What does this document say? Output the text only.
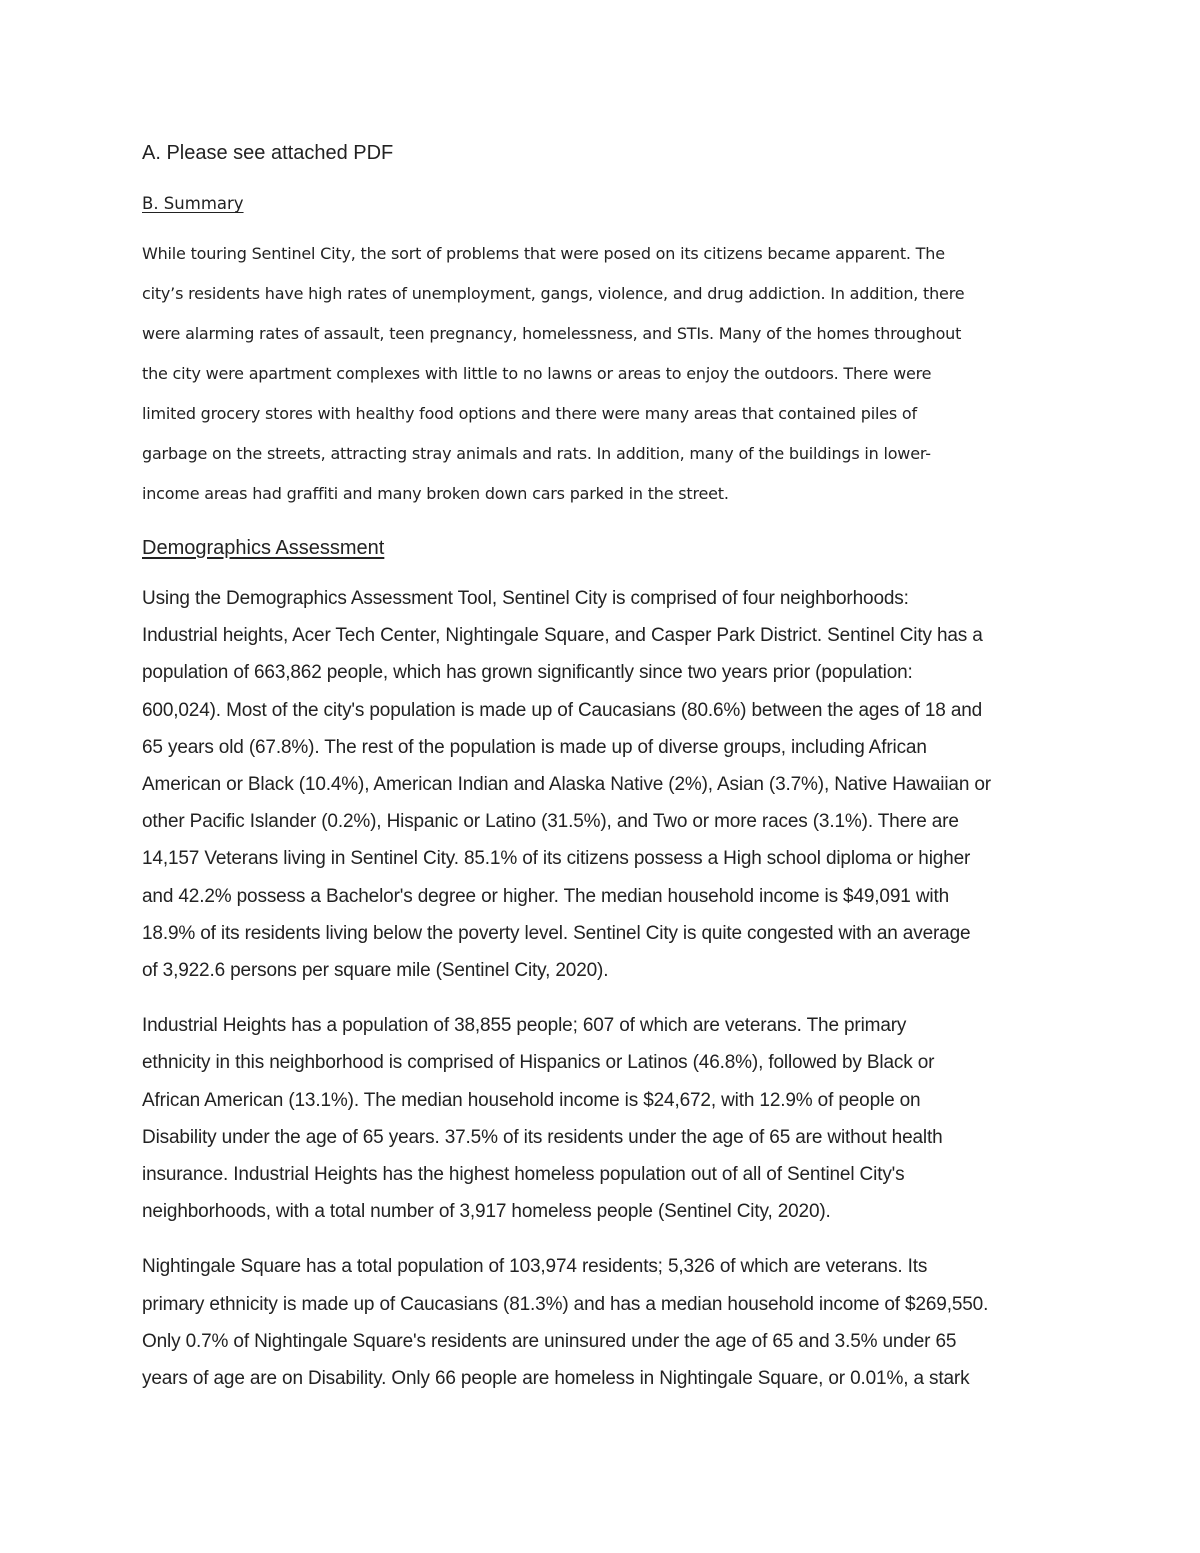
A. Please see attached PDF

B. Summary

While touring Sentinel City, the sort of problems that were posed on its citizens became apparent. The
city’s residents have high rates of unemployment, gangs, violence, and drug addiction. In addition, there
were alarming rates of assault, teen pregnancy, homelessness, and STIs. Many of the homes throughout
the city were apartment complexes with little to no lawns or areas to enjoy the outdoors. There were
limited grocery stores with healthy food options and there were many areas that contained piles of
garbage on the streets, attracting stray animals and rats. In addition, many of the buildings in lower-
income areas had graffiti and many broken down cars parked in the street.

Demographics Assessment

Using the Demographics Assessment Tool, Sentinel City is comprised of four neighborhoods:
Industrial heights, Acer Tech Center, Nightingale Square, and Casper Park District. Sentinel City has a
population of 663,862 people, which has grown significantly since two years prior (population:
600,024). Most of the city's population is made up of Caucasians (80.6%) between the ages of 18 and
65 years old (67.8%). The rest of the population is made up of diverse groups, including African
American or Black (10.4%), American Indian and Alaska Native (2%), Asian (3.7%), Native Hawaiian or
other Pacific Islander (0.2%), Hispanic or Latino (31.5%), and Two or more races (3.1%). There are
14,157 Veterans living in Sentinel City. 85.1% of its citizens possess a High school diploma or higher
and 42.2% possess a Bachelor's degree or higher. The median household income is $49,091 with
18.9% of its residents living below the poverty level. Sentinel City is quite congested with an average
of 3,922.6 persons per square mile (Sentinel City, 2020).

Industrial Heights has a population of 38,855 people; 607 of which are veterans. The primary
ethnicity in this neighborhood is comprised of Hispanics or Latinos (46.8%), followed by Black or
African American (13.1%). The median household income is $24,672, with 12.9% of people on
Disability under the age of 65 years. 37.5% of its residents under the age of 65 are without health
insurance. Industrial Heights has the highest homeless population out of all of Sentinel City's
neighborhoods, with a total number of 3,917 homeless people (Sentinel City, 2020).

Nightingale Square has a total population of 103,974 residents; 5,326 of which are veterans. Its
primary ethnicity is made up of Caucasians (81.3%) and has a median household income of $269,550.
Only 0.7% of Nightingale Square's residents are uninsured under the age of 65 and 3.5% under 65
years of age are on Disability. Only 66 people are homeless in Nightingale Square, or 0.01%, a stark
